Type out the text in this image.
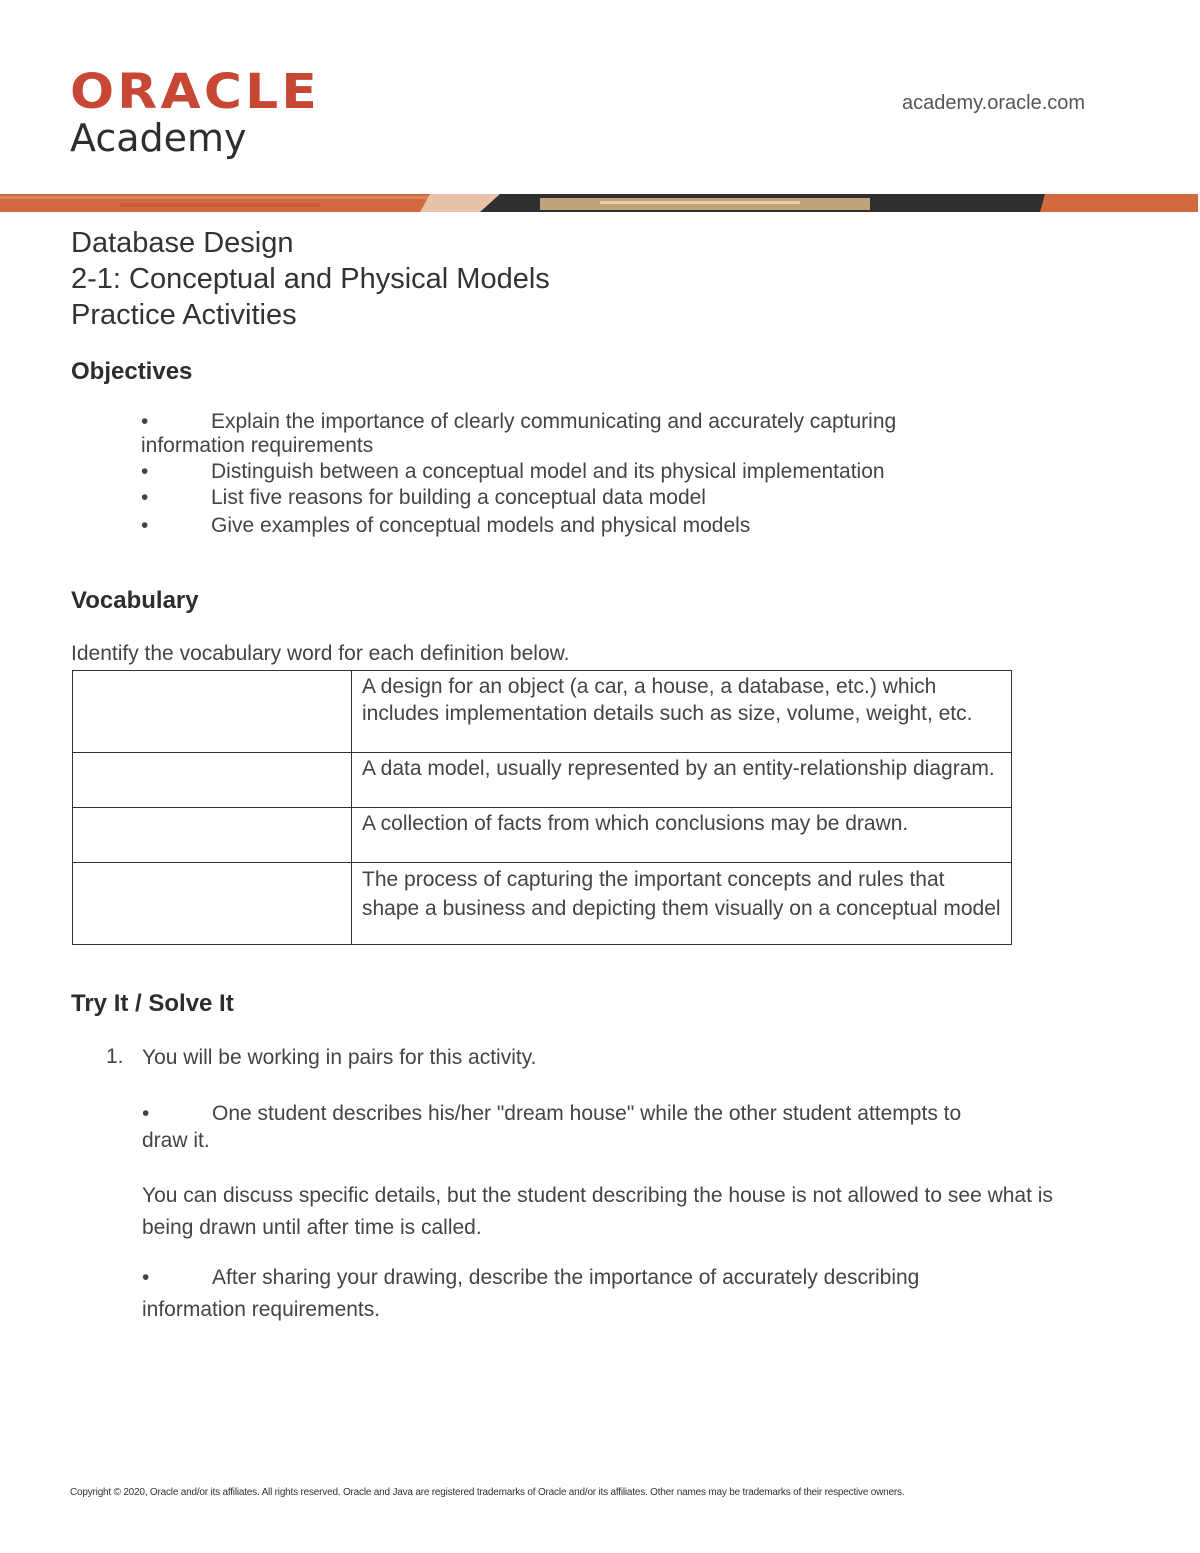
ORACLE
Academy
academy.oracle.com
Database Design
2-1: Conceptual and Physical Models
Practice Activities
Objectives
•	Explain the importance of clearly communicating and accurately capturing
information requirements
•	Distinguish between a conceptual model and its physical implementation
•	List five reasons for building a conceptual data model
•	Give examples of conceptual models and physical models
Vocabulary
Identify the vocabulary word for each definition below.
	A design for an object (a car, a house, a database, etc.) which includes implementation details such as size, volume, weight, etc.
	A data model, usually represented by an entity-relationship diagram.
	A collection of facts from which conclusions may be drawn.
	The process of capturing the important concepts and rules that shape a business and depicting them visually on a conceptual model
Try It / Solve It
1. You will be working in pairs for this activity.
•	One student describes his/her "dream house" while the other student attempts to
draw it.
You can discuss specific details, but the student describing the house is not allowed to see what is being drawn until after time is called.
•	After sharing your drawing, describe the importance of accurately describing
information requirements.
Copyright © 2020, Oracle and/or its affiliates. All rights reserved. Oracle and Java are registered trademarks of Oracle and/or its affiliates. Other names may be trademarks of their respective owners.
